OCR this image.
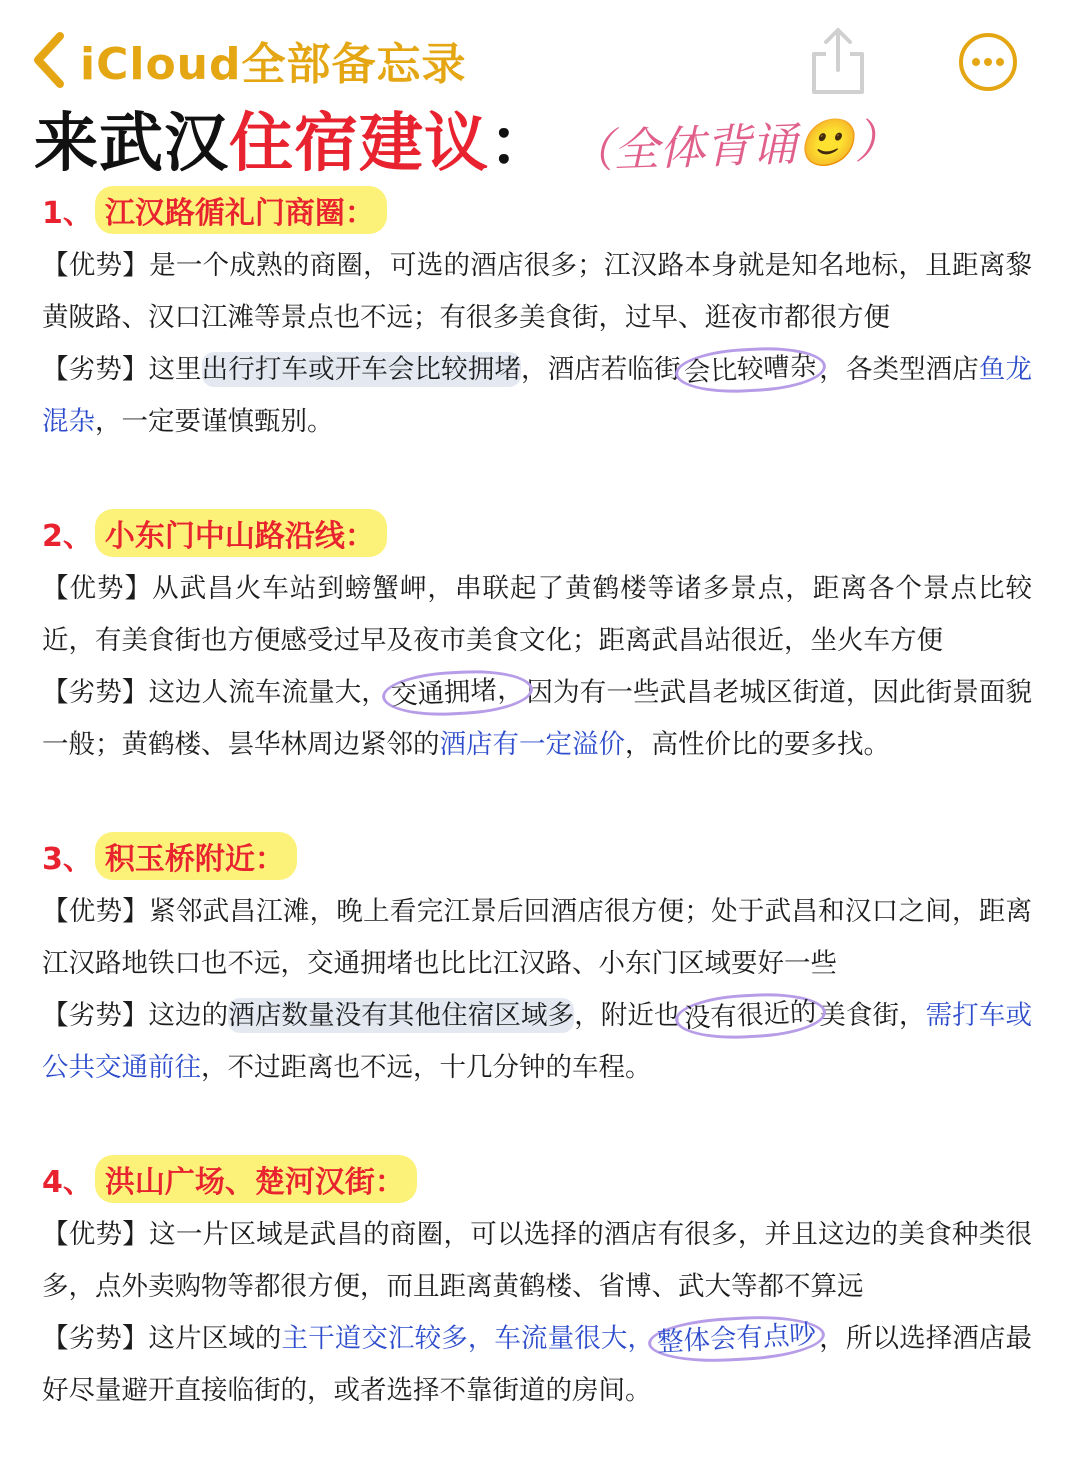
iCloud全部备忘录
来武汉 住宿建议 ： （全体背诵🙂）
1、 江汉路循礼门商圈：

【优势】是一个成熟的商圈，可选的酒店很多；江汉路本身就是知名地标，且距离黎黄陂路、汉口江滩等景点也不远；有很多美食街，过早、逛夜市都很方便

【劣势】这里出行打车或开车会比较拥堵，酒店若临街会比较嘈杂，各类型酒店鱼龙混杂，一定要谨慎甄别。

2、 小东门中山路沿线：

【优势】从武昌火车站到螃蟹岬，串联起了黄鹤楼等诸多景点，距离各个景点比较近，有美食街也方便感受过早及夜市美食文化；距离武昌站很近，坐火车方便

【劣势】这边人流车流量大，交通拥堵，因为有一些武昌老城区街道，因此街景面貌一般；黄鹤楼、昙华林周边紧邻的酒店有一定溢价，高性价比的要多找。

3、 积玉桥附近：

【优势】紧邻武昌江滩，晚上看完江景后回酒店很方便；处于武昌和汉口之间，距离江汉路地铁口也不远，交通拥堵也比比江汉路、小东门区域要好一些

【劣势】这边的酒店数量没有其他住宿区域多，附近也没有很近的美食街，需打车或公共交通前往，不过距离也不远，十几分钟的车程。

4、 洪山广场、楚河汉街：

【优势】这一片区域是武昌的商圈，可以选择的酒店有很多，并且这边的美食种类很多，点外卖购物等都很方便，而且距离黄鹤楼、省博、武大等都不算远

【劣势】这片区域的主干道交汇较多，车流量很大，整体会有点吵，所以选择酒店最好尽量避开直接临街的，或者选择不靠街道的房间。
